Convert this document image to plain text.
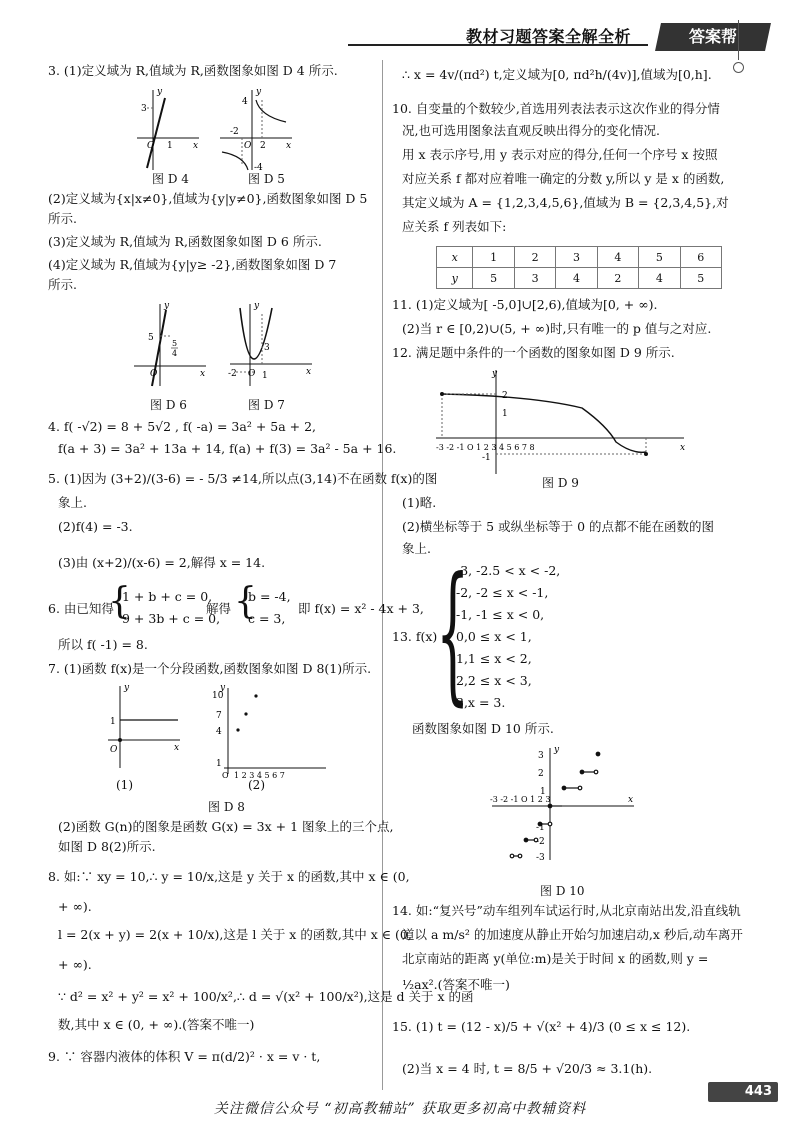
教材习题答案全解全析	答案帮
3. (1)定义域为 R,值域为 R,函数图象如图 D 4 所示.
3
y
O 1 x
4
y
-2
O 2
-4
x
图 D 4	图 D 5
(2)定义域为{x|x≠0},值域为{y|y≠0},函数图象如图 D 5
所示.
(3)定义域为 R,值域为 R,函数图象如图 D 6 所示.
(4)定义域为 R,值域为{y|y≥ -2},函数图象如图 D 7
所示.
y
5
5
4
O	x
y
3
-2 O 1	x
图 D 6	图 D 7
4. f( -√2) = 8 + 5√2 , f( -a) = 3a² + 5a + 2,
f(a + 3) = 3a² + 13a + 14, f(a) + f(3) = 3a² - 5a + 16.
5. (1)因为 (3+2)/(3-6) = - 5/3 ≠14,所以点(3,14)不在函数 f(x)的图
象上.
(2)f(4) = -3.
(3)由 (x+2)/(x-6) = 2,解得 x = 14.
6. 由已知得
{
1 + b + c = 0,
9 + 3b + c = 0,
解得 {
b = -4,
c = 3,
即 f(x) = x² - 4x + 3,
所以 f( -1) = 8.
7. (1)函数 f(x)是一个分段函数,函数图象如图 D 8(1)所示.
y
1
O	x
(1)
y
10
7
4
1
O 1 2 3 4 5 6 7
(2)
图 D 8
(2)函数 G(n)的图象是函数 G(x) = 3x + 1 图象上的三个点,
如图 D 8(2)所示.
8. 如:∵ xy = 10,∴ y = 10/x,这是 y 关于 x 的函数,其中 x ∈ (0,
+ ∞).
l = 2(x + y) = 2(x + 10/x),这是 l 关于 x 的函数,其中 x ∈ (0,
+ ∞).
∵ d² = x² + y² = x² + 100/x²,∴ d = √(x² + 100/x²),这是 d 关于 x 的函
数,其中 x ∈ (0, + ∞).(答案不唯一)
9. ∵ 容器内液体的体积 V = π(d/2)² · x = v · t,
∴ x = 4v/(πd²) t,定义域为[0, πd²h/(4v)],值域为[0,h].
10. 自变量的个数较少,首选用列表法表示这次作业的得分情
况,也可选用图象法直观反映出得分的变化情况.
用 x 表示序号,用 y 表示对应的得分,任何一个序号 x 按照
对应关系 f 都对应着唯一确定的分数 y,所以 y 是 x 的函数,
其定义域为 A = {1,2,3,4,5,6},值域为 B = {2,3,4,5},对
应关系 f 列表如下:
x	1	2	3	4	5	6
y	5	3	4	2	4	5
11. (1)定义域为[ -5,0]∪[2,6),值域为[0, + ∞).
(2)当 r ∈ [0,2)∪(5, + ∞)时,只有唯一的 p 值与之对应.
12. 满足题中条件的一个函数的图象如图 D 9 所示.
y
2
1
-1
-3 -2 -1 O 1 2 3 4 5 6 7 8	x
图 D 9
(1)略.
(2)横坐标等于 5 或纵坐标等于 0 的点都不能在函数的图
象上.
13. f(x) =
{
-3, -2.5 < x < -2,
-2, -2 ≤ x < -1,
-1, -1 ≤ x < 0,
0,0 ≤ x < 1,
1,1 ≤ x < 2,
2,2 ≤ x < 3,
3,x = 3.
函数图象如图 D 10 所示.
y
3
2
1
-1
-2
-3
-3 -2 -1 O 1 2 3	x
图 D 10
14. 如:“复兴号”动车组列车试运行时,从北京南站出发,沿直线轨
道以 a m/s² 的加速度从静止开始匀加速启动,x 秒后,动车离开
北京南站的距离 y(单位:m)是关于时间 x 的函数,则 y =
½ax².(答案不唯一)
15. (1) t = (12 - x)/5 + √(x² + 4)/3 (0 ≤ x ≤ 12).
(2)当 x = 4 时, t = 8/5 + √20/3 ≈ 3.1(h).
443
关注微信公众号 “初高教辅站” 获取更多初高中教辅资料
